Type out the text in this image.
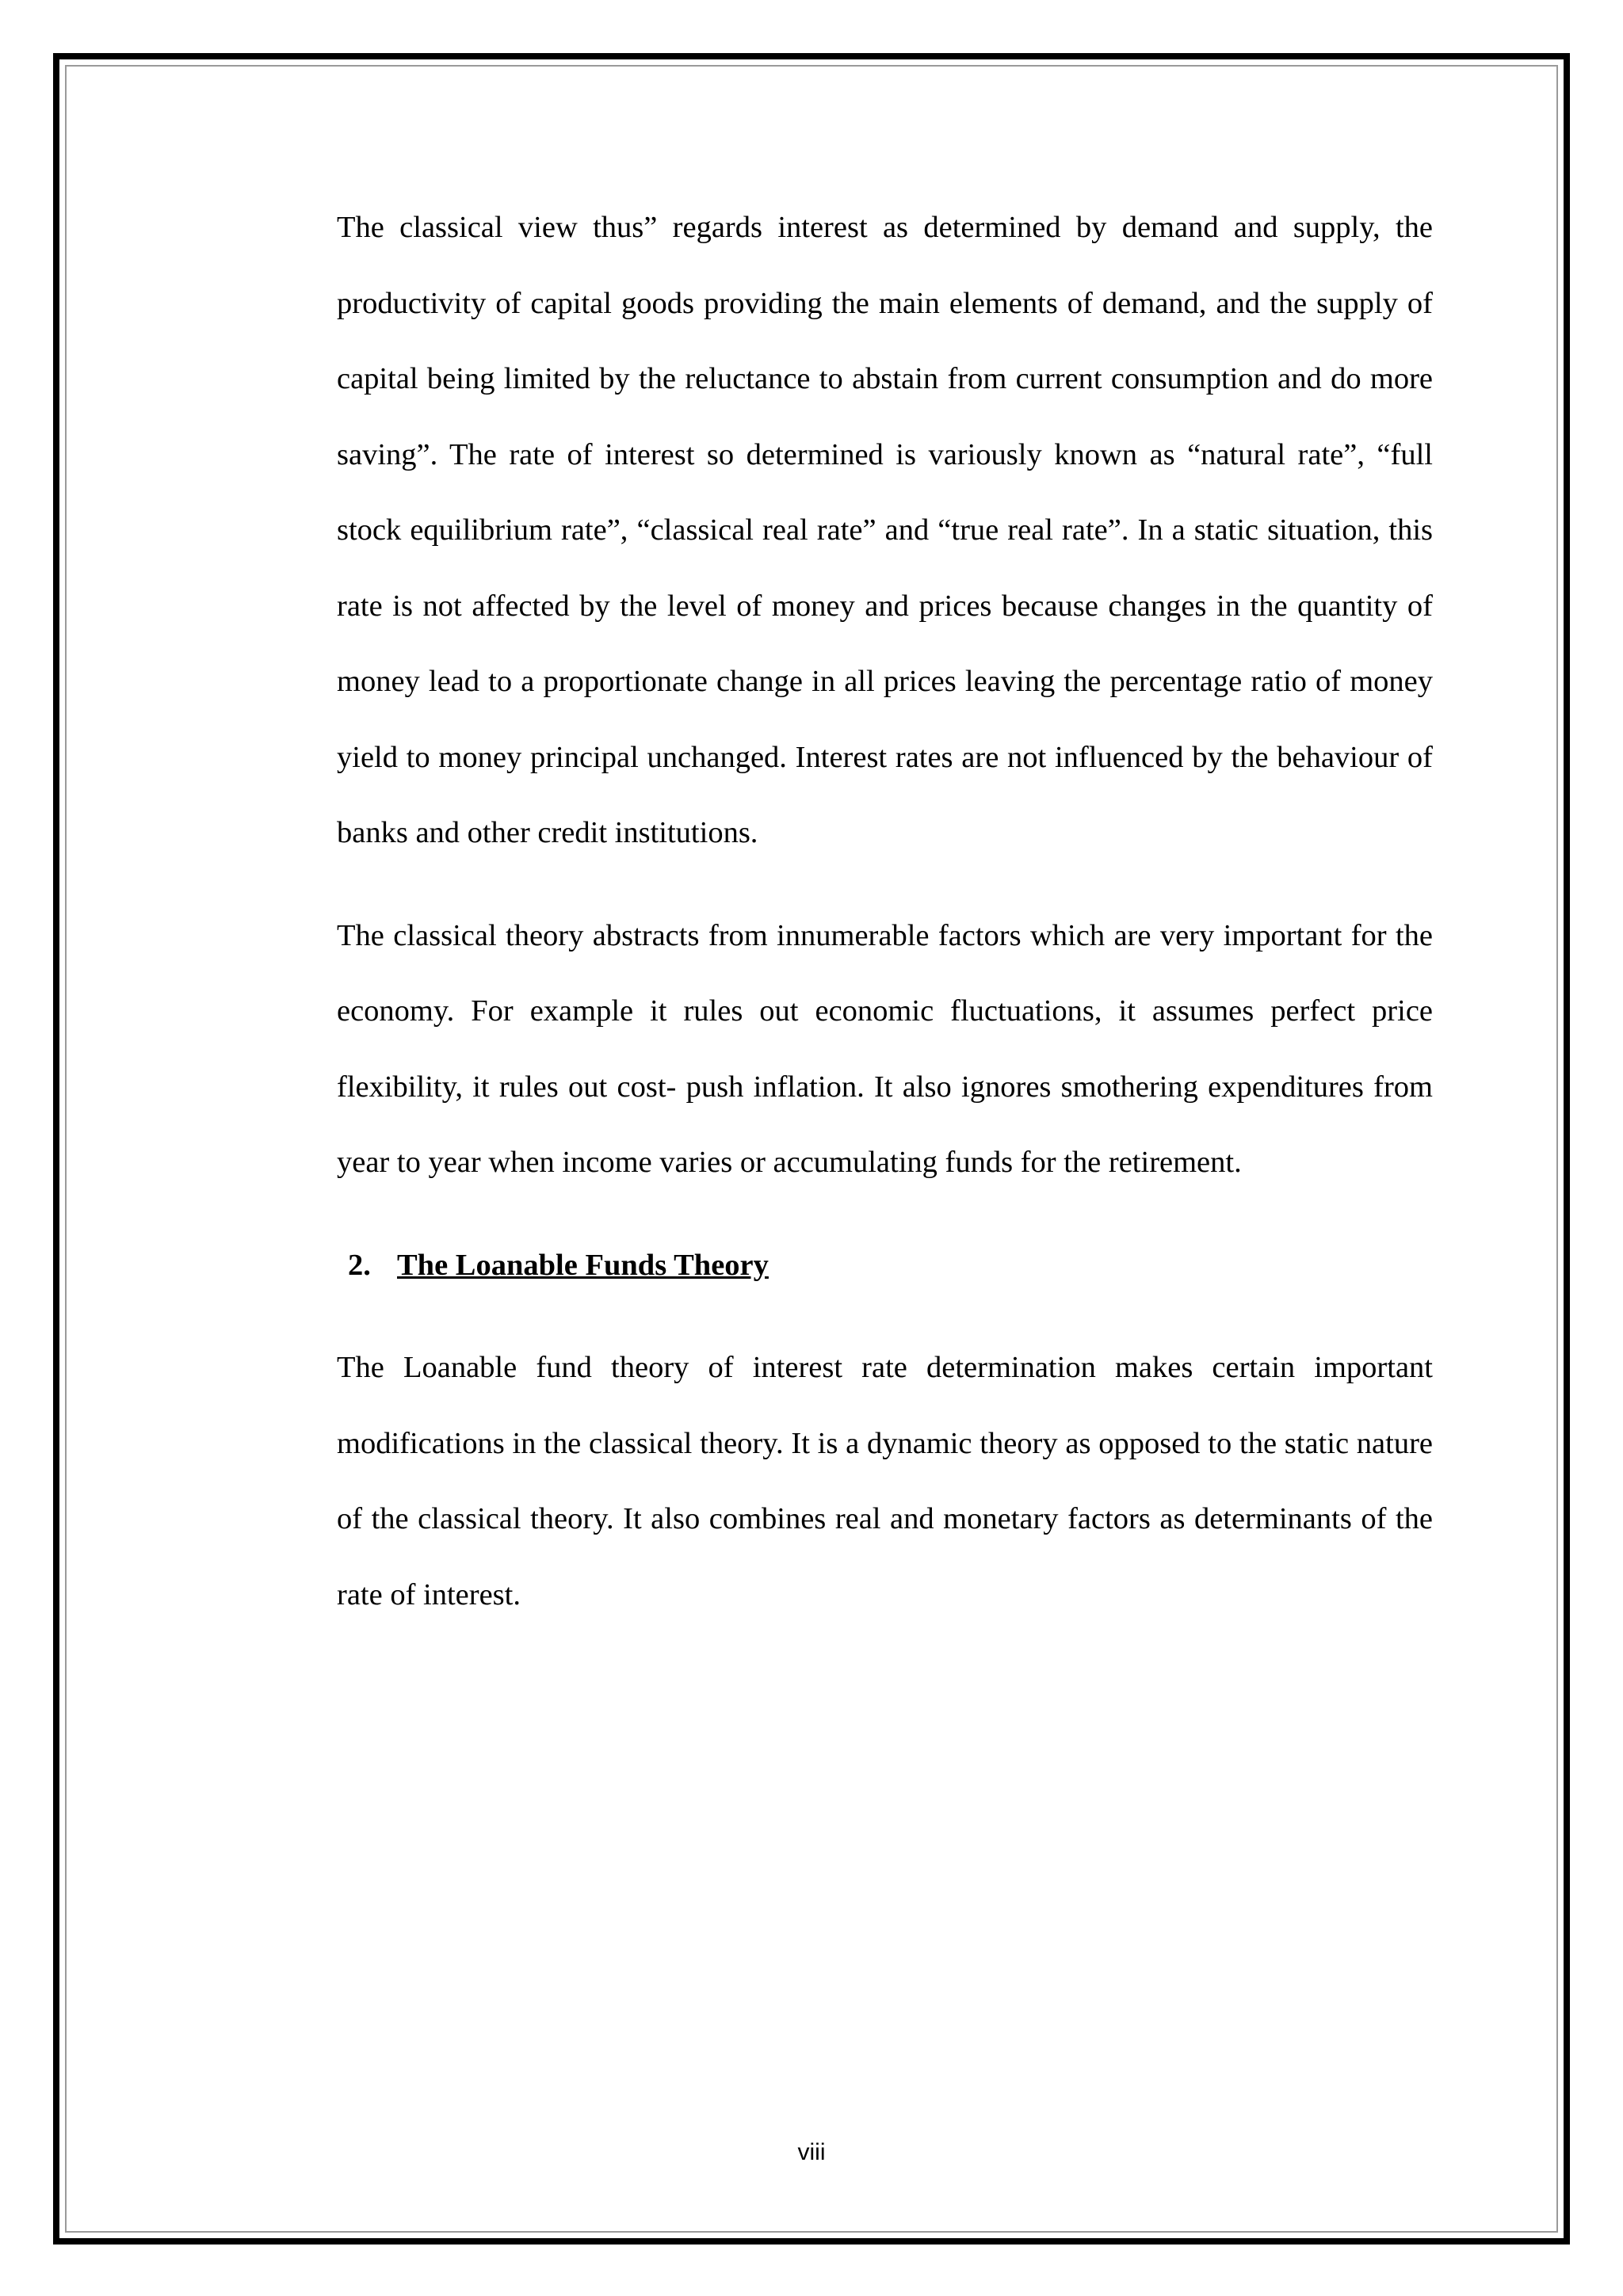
The classical view thus” regards interest as determined by demand and supply, the productivity of capital goods providing the main elements of demand, and the supply of capital being limited by the reluctance to abstain from current consumption and do more saving”. The rate of interest so determined is variously known as “natural rate”, “full stock equilibrium rate”, “classical real rate” and “true real rate”. In a static situation, this rate is not affected by the level of money and prices because changes in the quantity of money lead to a proportionate change in all prices leaving the percentage ratio of money yield to money principal unchanged. Interest rates are not influenced by the behaviour of banks and other credit institutions.

The classical theory abstracts from innumerable factors which are very important for the economy. For example it rules out economic fluctuations, it assumes perfect price flexibility, it rules out cost- push inflation. It also ignores smothering expenditures from year to year when income varies or accumulating funds for the retirement.

2. The Loanable Funds Theory

The Loanable fund theory of interest rate determination makes certain important modifications in the classical theory. It is a dynamic theory as opposed to the static nature of the classical theory. It also combines real and monetary factors as determinants of the rate of interest.

viii
